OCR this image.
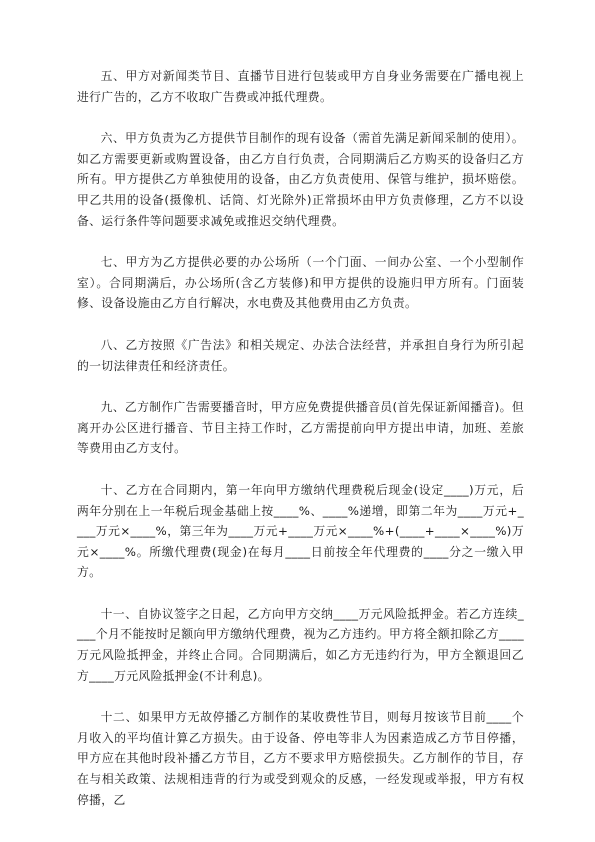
五、甲方对新闻类节目、直播节目进行包装或甲方自身业务需要在广播电视上进行广告的，乙方不收取广告费或冲抵代理费。

六、甲方负责为乙方提供节目制作的现有设备（需首先满足新闻采制的使用）。如乙方需要更新或购置设备，由乙方自行负责，合同期满后乙方购买的设备归乙方所有。甲方提供乙方单独使用的设备，由乙方负责使用、保管与维护，损坏赔偿。甲乙共用的设备(摄像机、话筒、灯光除外)正常损坏由甲方负责修理，乙方不以设备、运行条件等问题要求减免或推迟交纳代理费。

七、甲方为乙方提供必要的办公场所（一个门面、一间办公室、一个小型制作室）。合同期满后，办公场所(含乙方装修)和甲方提供的设施归甲方所有。门面装修、设备设施由乙方自行解决，水电费及其他费用由乙方负责。

八、乙方按照《广告法》和相关规定、办法合法经营，并承担自身行为所引起的一切法律责任和经济责任。

九、乙方制作广告需要播音时，甲方应免费提供播音员(首先保证新闻播音)。但离开办公区进行播音、节目主持工作时，乙方需提前向甲方提出申请，加班、差旅等费用由乙方支付。

十、乙方在合同期内，第一年向甲方缴纳代理费税后现金(设定____)万元，后两年分别在上一年税后现金基础上按____%、____%递增，即第二年为____万元+____万元×____%，第三年为____万元+____万元×____%+(____+____×____%)万元×____%。所缴代理费(现金)在每月____日前按全年代理费的____分之一缴入甲方。

十一、自协议签字之日起，乙方向甲方交纳____万元风险抵押金。若乙方连续____个月不能按时足额向甲方缴纳代理费，视为乙方违约。甲方将全额扣除乙方____万元风险抵押金，并终止合同。合同期满后，如乙方无违约行为，甲方全额退回乙方____万元风险抵押金(不计利息)。

十二、如果甲方无故停播乙方制作的某收费性节目，则每月按该节目前____个月收入的平均值计算乙方损失。由于设备、停电等非人为因素造成乙方节目停播，甲方应在其他时段补播乙方节目，乙方不要求甲方赔偿损失。乙方制作的节目，存在与相关政策、法规相违背的行为或受到观众的反感，一经发现或举报，甲方有权停播，乙
